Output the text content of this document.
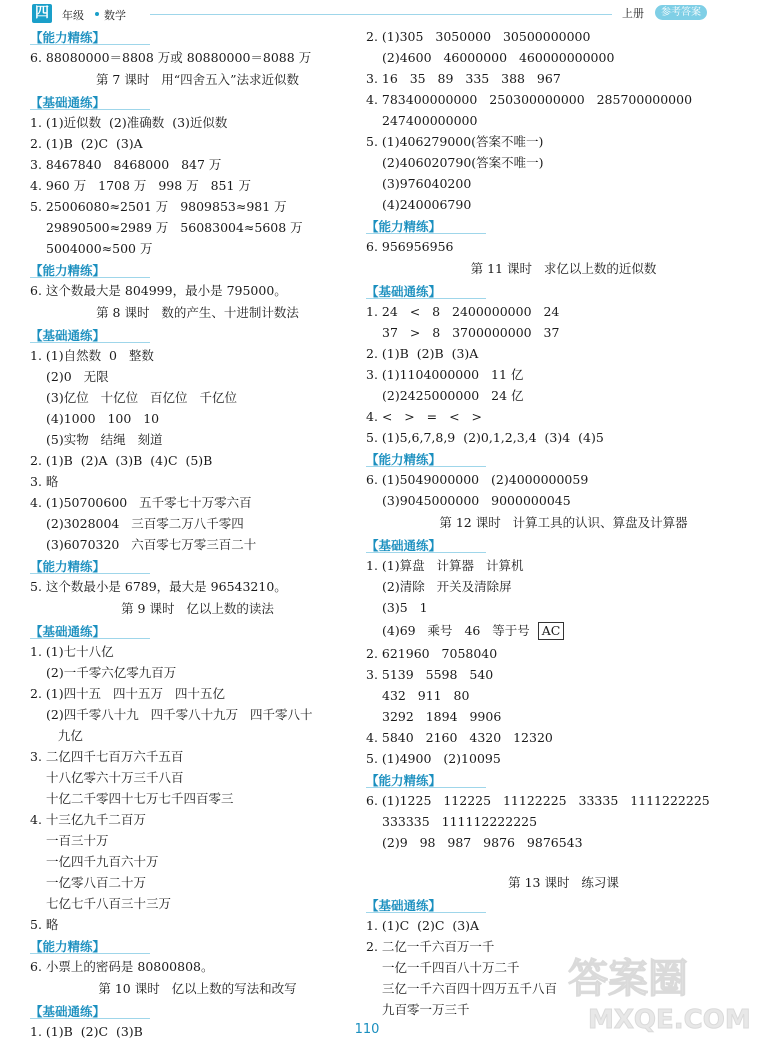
四 年级 数学	上册	参考答案
【能力精练】
6. 88080000＝8808 万或 80880000＝8088 万
第 7 课时   用“四舍五入”法求近似数
【基础通练】
1. (1)近似数  (2)准确数  (3)近似数
2. (1)B  (2)C  (3)A
3. 8467840   8468000   847 万
4. 960 万   1708 万   998 万   851 万
5. 25006080≈2501 万   9809853≈981 万
29890500≈2989 万   56083004≈5608 万
5004000≈500 万
【能力精练】
6. 这个数最大是 804999，最小是 795000。
第 8 课时   数的产生、十进制计数法
【基础通练】
1. (1)自然数  0   整数
(2)0   无限
(3)亿位   十亿位   百亿位   千亿位
(4)1000   100   10
(5)实物   结绳   刻道
2. (1)B  (2)A  (3)B  (4)C  (5)B
3. 略
4. (1)50700600   五千零七十万零六百
(2)3028004   三百零二万八千零四
(3)6070320   六百零七万零三百二十
【能力精练】
5. 这个数最小是 6789，最大是 96543210。
第 9 课时   亿以上数的读法
【基础通练】
1. (1)七十八亿
(2)一千零六亿零九百万
2. (1)四十五   四十五万   四十五亿
(2)四千零八十九   四千零八十九万   四千零八十
九亿
3. 二亿四千七百万六千五百
十八亿零六十万三千八百
十亿二千零四十七万七千四百零三
4. 十三亿九千二百万
一百三十万
一亿四千九百六十万
一亿零八百二十万
七亿七千八百三十三万
5. 略
【能力精练】
6. 小票上的密码是 80800808。
第 10 课时   亿以上数的写法和改写
【基础通练】
1. (1)B  (2)C  (3)B
2. (1)305   3050000   30500000000
(2)4600   46000000   460000000000
3. 16   35   89   335   388   967
4. 783400000000   250300000000   285700000000
247400000000
5. (1)406279000(答案不唯一)
(2)406020790(答案不唯一)
(3)976040200
(4)240006790
【能力精练】
6. 956956956
第 11 课时   求亿以上数的近似数
【基础通练】
1. 24   <   8   2400000000   24
37   >   8   3700000000   37
2. (1)B  (2)B  (3)A
3. (1)1104000000   11 亿
(2)2425000000   24 亿
4. <   >   =   <   >
5. (1)5,6,7,8,9  (2)0,1,2,3,4  (3)4  (4)5
【能力精练】
6. (1)5049000000   (2)4000000059
(3)9045000000   9000000045
第 12 课时   计算工具的认识、算盘及计算器
【基础通练】
1. (1)算盘   计算器   计算机
(2)清除   开关及清除屏
(3)5   1
(4)69   乘号   46   等于号  AC
2. 621960   7058040
3. 5139   5598   540
432   911   80
3292   1894   9906
4. 5840   2160   4320   12320
5. (1)4900   (2)10095
【能力精练】
6. (1)1225   112225   11122225   33335   1111222225
333335   111112222225
(2)9   98   987   9876   9876543
第 13 课时   练习课
【基础通练】
1. (1)C  (2)C  (3)A
2. 二亿一千六百万一千
一亿一千四百八十万二千
三亿一千六百四十四万五千八百
九百零一万三千
110
答案圈
MXQE.COM
